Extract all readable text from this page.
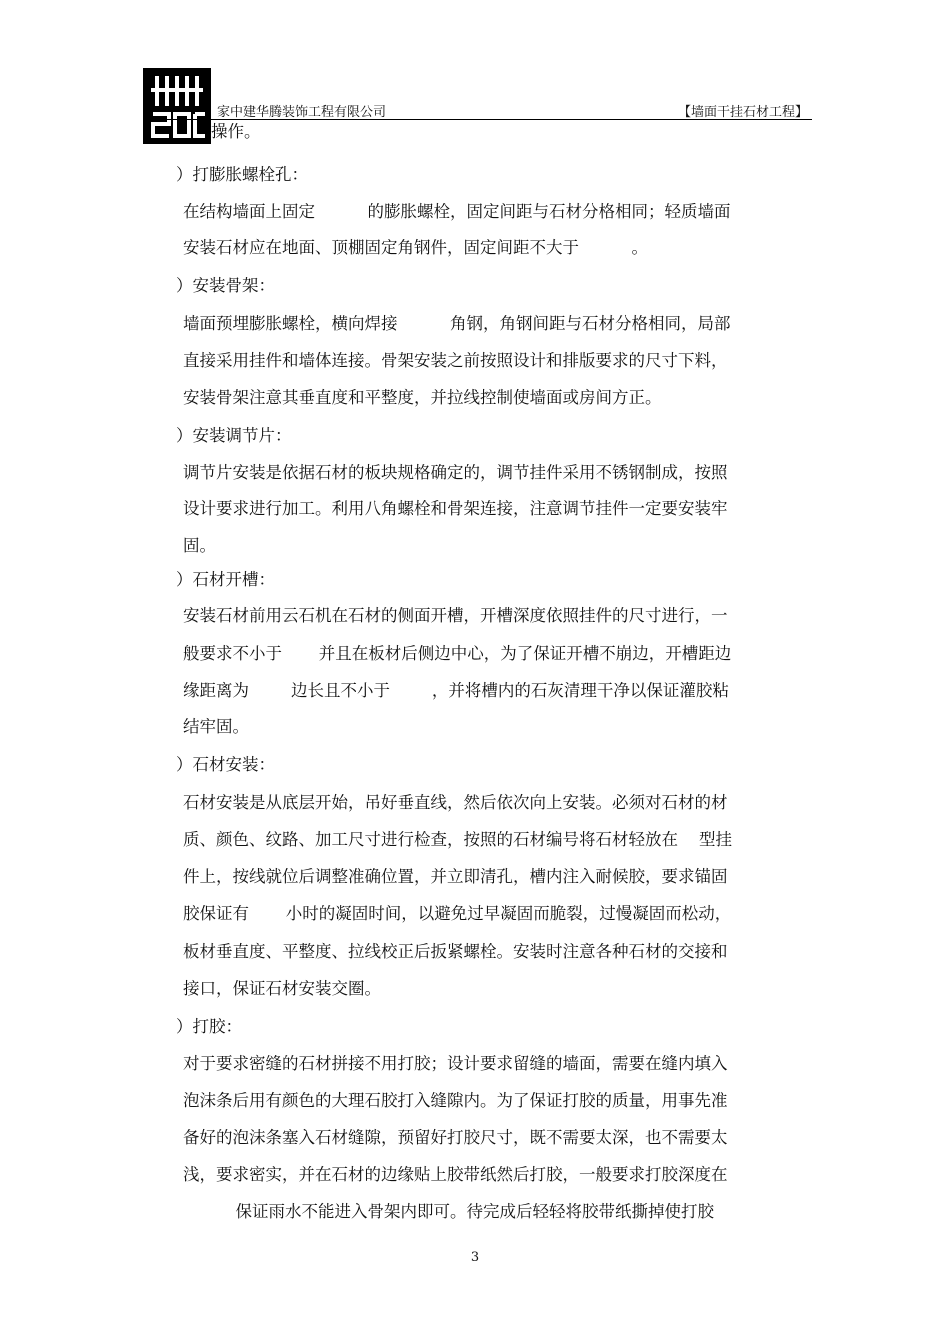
家中建华腾装饰工程有限公司	【墙面干挂石材工程】
操作。
）打膨胀螺栓孔：
在结构墙面上固定          的膨胀螺栓，固定间距与石材分格相同；轻质墙面
安装石材应在地面、顶棚固定角钢件，固定间距不大于          。
）安装骨架：
墙面预埋膨胀螺栓，横向焊接          角钢，角钢间距与石材分格相同，局部
直接采用挂件和墙体连接。骨架安装之前按照设计和排版要求的尺寸下料，
安装骨架注意其垂直度和平整度，并拉线控制使墙面或房间方正。
）安装调节片：
调节片安装是依据石材的板块规格确定的，调节挂件采用不锈钢制成，按照
设计要求进行加工。利用八角螺栓和骨架连接，注意调节挂件一定要安装牢
固。
）石材开槽：
安装石材前用云石机在石材的侧面开槽，开槽深度依照挂件的尺寸进行，一
般要求不小于       并且在板材后侧边中心，为了保证开槽不崩边，开槽距边
缘距离为        边长且不小于        ，并将槽内的石灰清理干净以保证灌胶粘
结牢固。
）石材安装：
石材安装是从底层开始，吊好垂直线，然后依次向上安装。必须对石材的材
质、颜色、纹路、加工尺寸进行检查，按照的石材编号将石材轻放在    型挂
件上，按线就位后调整准确位置，并立即清孔，槽内注入耐候胶，要求锚固
胶保证有       小时的凝固时间，以避免过早凝固而脆裂，过慢凝固而松动，
板材垂直度、平整度、拉线校正后扳紧螺栓。安装时注意各种石材的交接和
接口，保证石材安装交圈。
）打胶：
对于要求密缝的石材拼接不用打胶；设计要求留缝的墙面，需要在缝内填入
泡沫条后用有颜色的大理石胶打入缝隙内。为了保证打胶的质量，用事先准
备好的泡沫条塞入石材缝隙，预留好打胶尺寸，既不需要太深，也不需要太
浅，要求密实，并在石材的边缘贴上胶带纸然后打胶，一般要求打胶深度在
保证雨水不能进入骨架内即可。待完成后轻轻将胶带纸撕掉使打胶
3
